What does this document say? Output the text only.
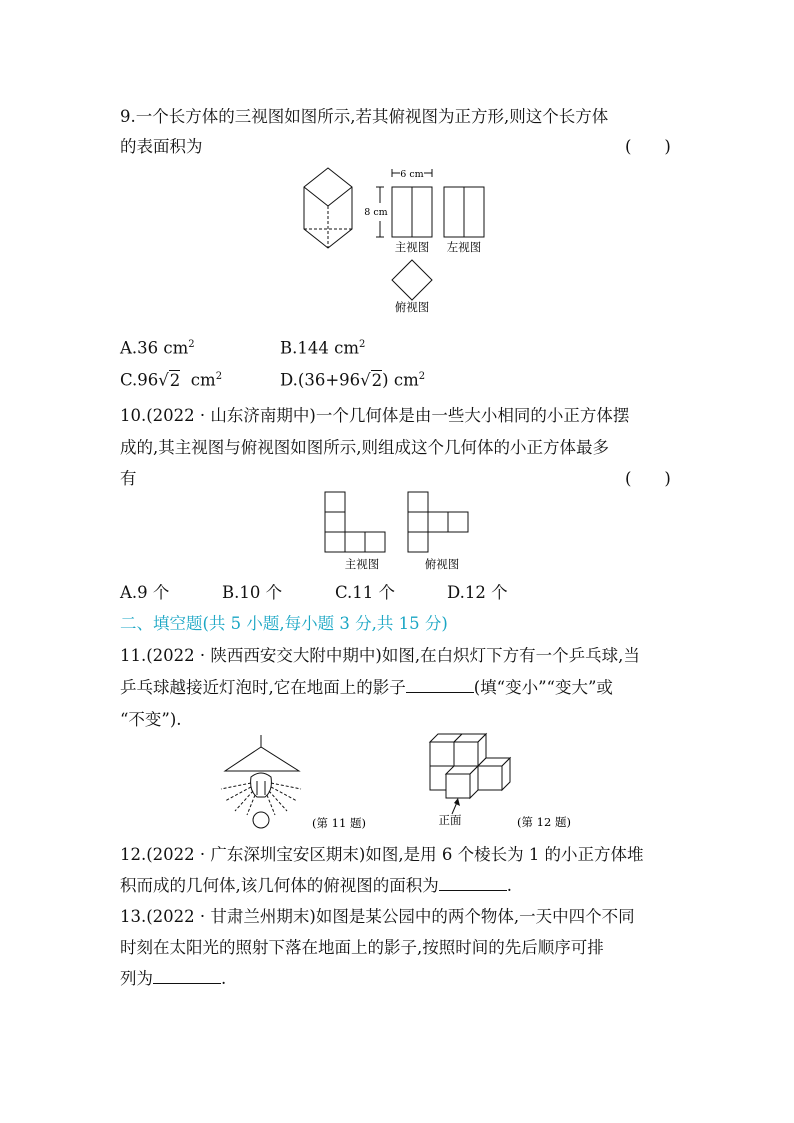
9.一个长方体的三视图如图所示,若其俯视图为正方形,则这个长方体
的表面积为	(　　)
6 cm
8 cm
主视图 左视图
俯视图
A.36 $cm^2$	B.144 $cm^2$
C.96√2 $cm^2$	D.(36+96√2) $cm^2$
10.(2022 · 山东济南期中)一个几何体是由一些大小相同的小正方体摆
成的,其主视图与俯视图如图所示,则组成这个几何体的小正方体最多
有	(　　)
主视图	俯视图
A.9 个	B.10 个	C.11 个	D.12 个
二、填空题(共 5 小题,每小题 3 分,共 15 分)
11.(2022 · 陕西西安交大附中期中)如图,在白炽灯下方有一个乒乓球,当
乒乓球越接近灯泡时,它在地面上的影子	(填“变小”“变大”或
“不变”).
(第 11 题)	正面	(第 12 题)
12.(2022 · 广东深圳宝安区期末)如图,是用 6 个棱长为 1 的小正方体堆
积而成的几何体,该几何体的俯视图的面积为	.
13.(2022 · 甘肃兰州期末)如图是某公园中的两个物体,一天中四个不同
时刻在太阳光的照射下落在地面上的影子,按照时间的先后顺序可排
列为	.
